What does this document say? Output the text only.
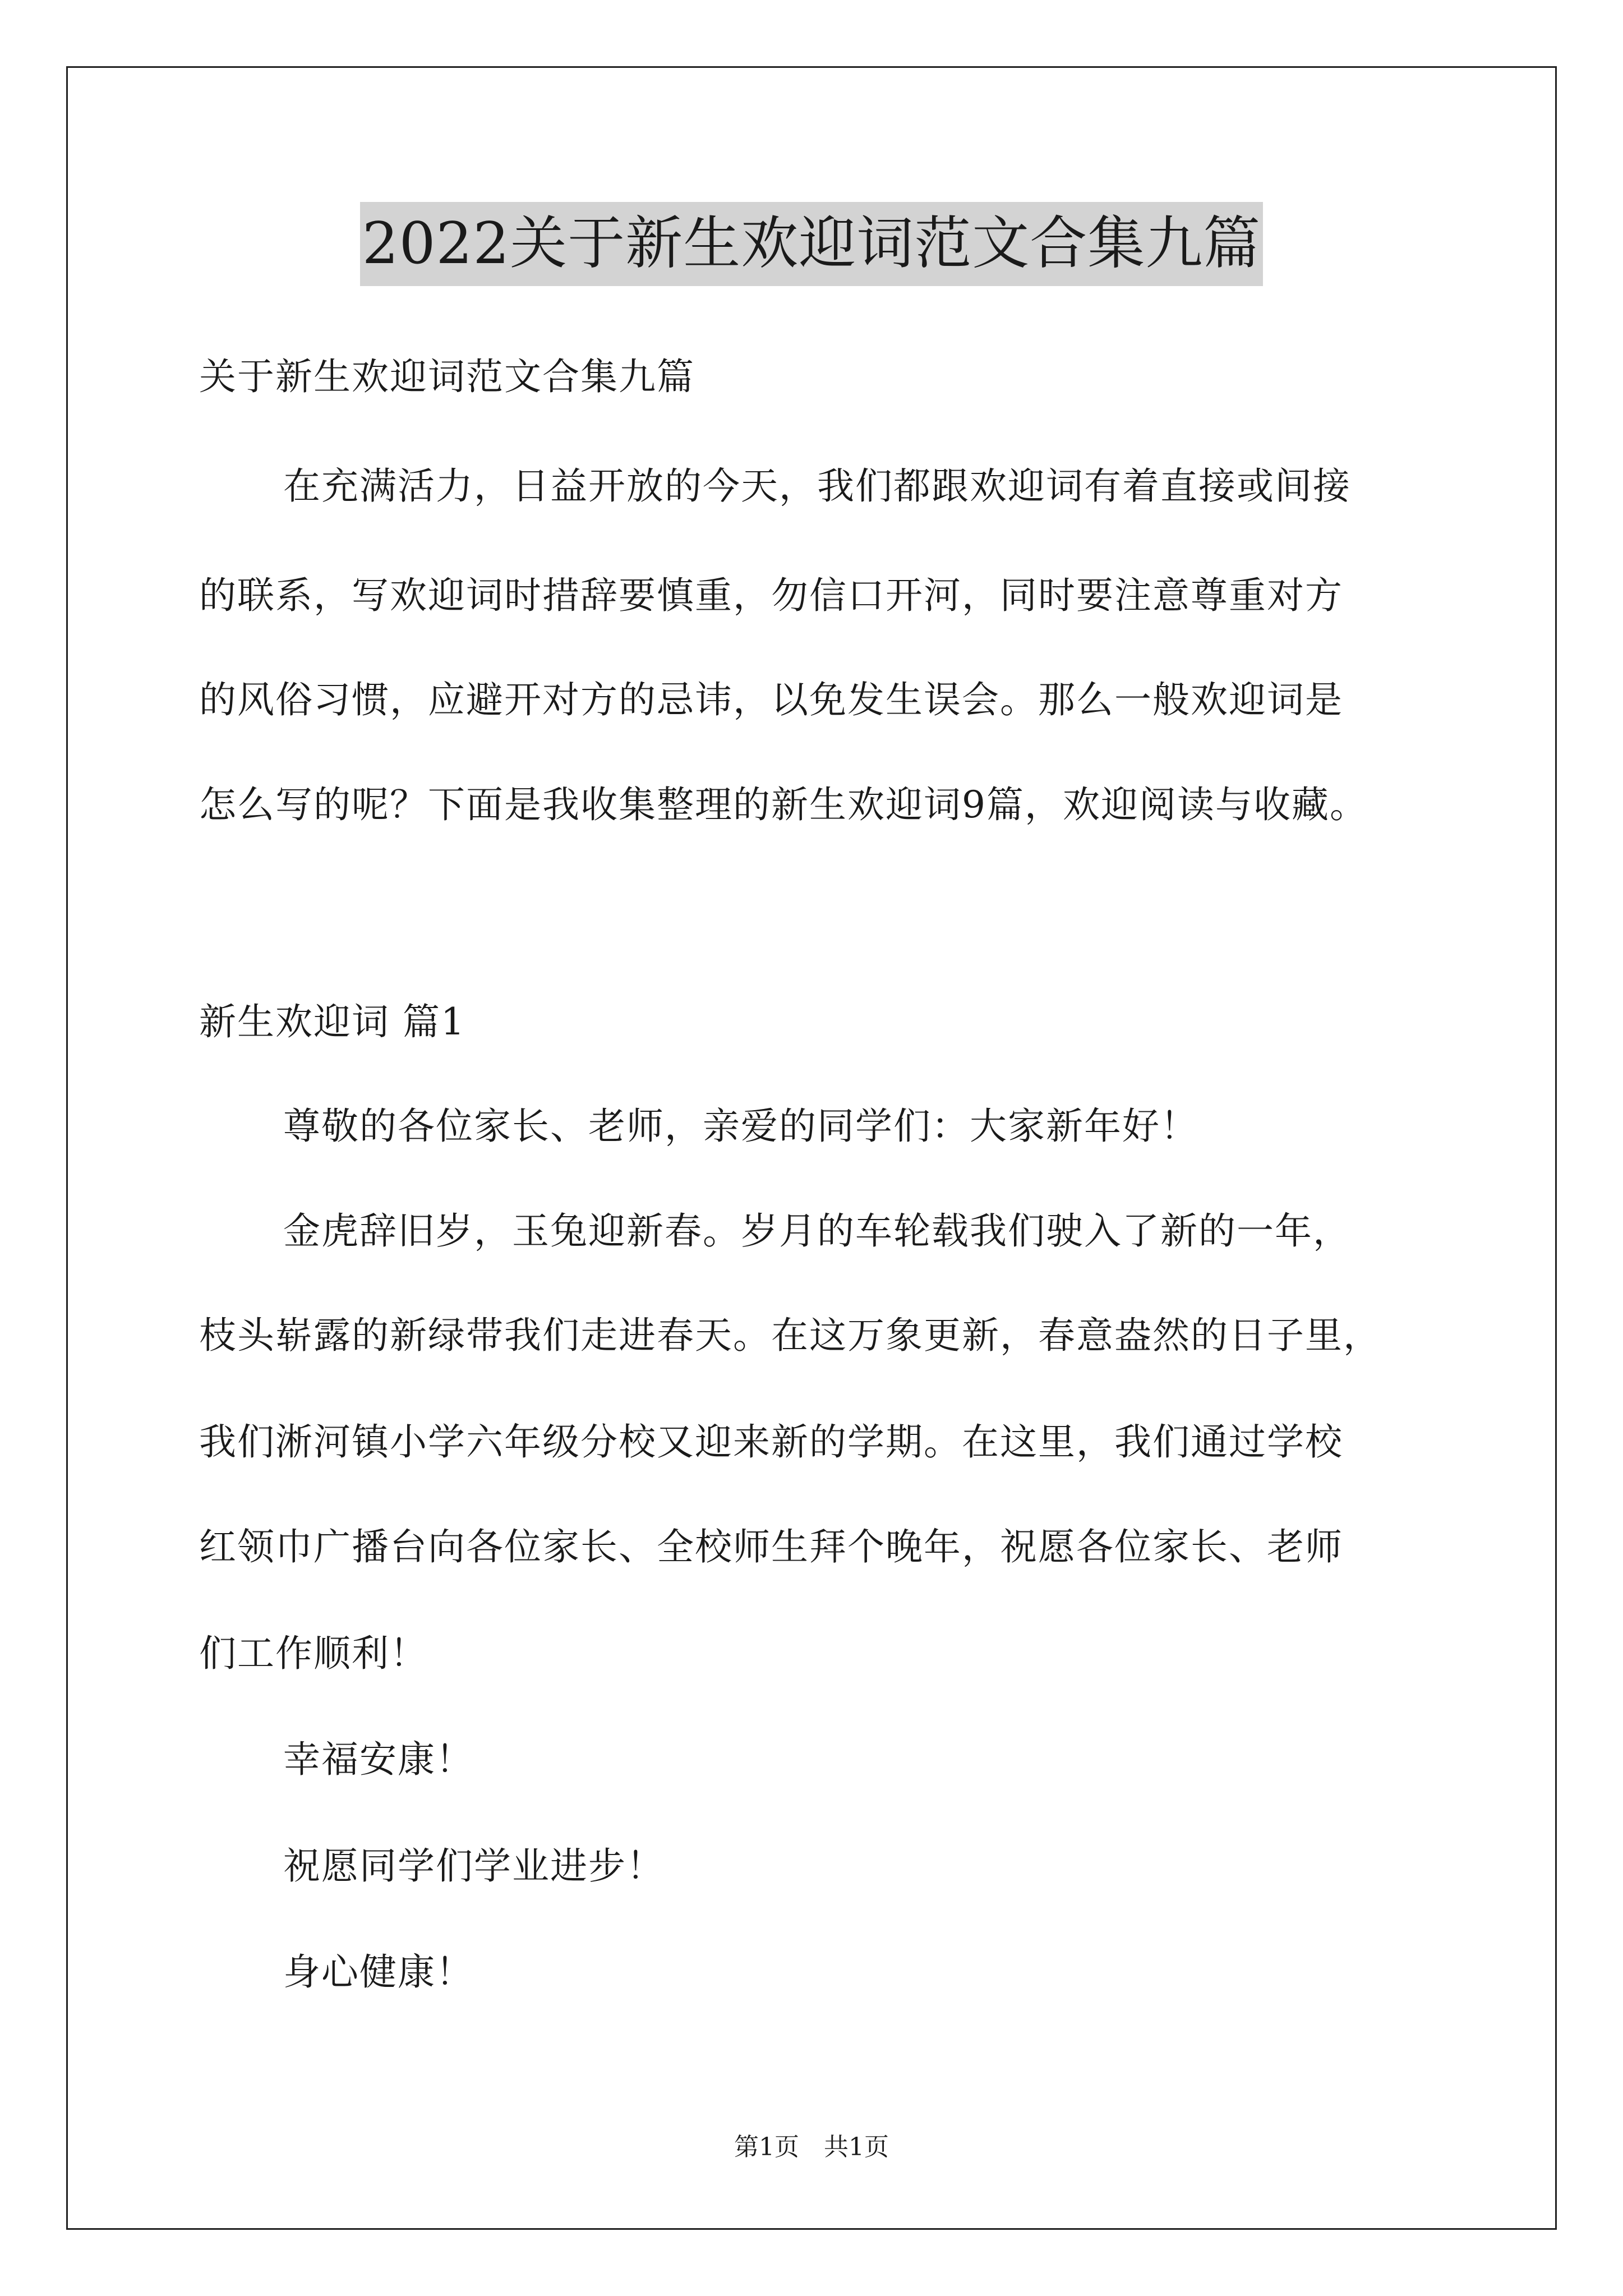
2022关于新生欢迎词范文合集九篇
关于新生欢迎词范文合集九篇
在充满活力，日益开放的今天，我们都跟欢迎词有着直接或间接
的联系，写欢迎词时措辞要慎重，勿信口开河，同时要注意尊重对方
的风俗习惯，应避开对方的忌讳，以免发生误会。那么一般欢迎词是
怎么写的呢？下面是我收集整理的新生欢迎词9篇，欢迎阅读与收藏。
新生欢迎词 篇1
尊敬的各位家长、老师，亲爱的同学们：大家新年好！
金虎辞旧岁，玉兔迎新春。岁月的车轮载我们驶入了新的一年，
枝头崭露的新绿带我们走进春天。在这万象更新，春意盎然的日子里，
我们淅河镇小学六年级分校又迎来新的学期。在这里，我们通过学校
红领巾广播台向各位家长、全校师生拜个晚年，祝愿各位家长、老师
们工作顺利！
幸福安康！
祝愿同学们学业进步！
身心健康！
第1页　共1页
